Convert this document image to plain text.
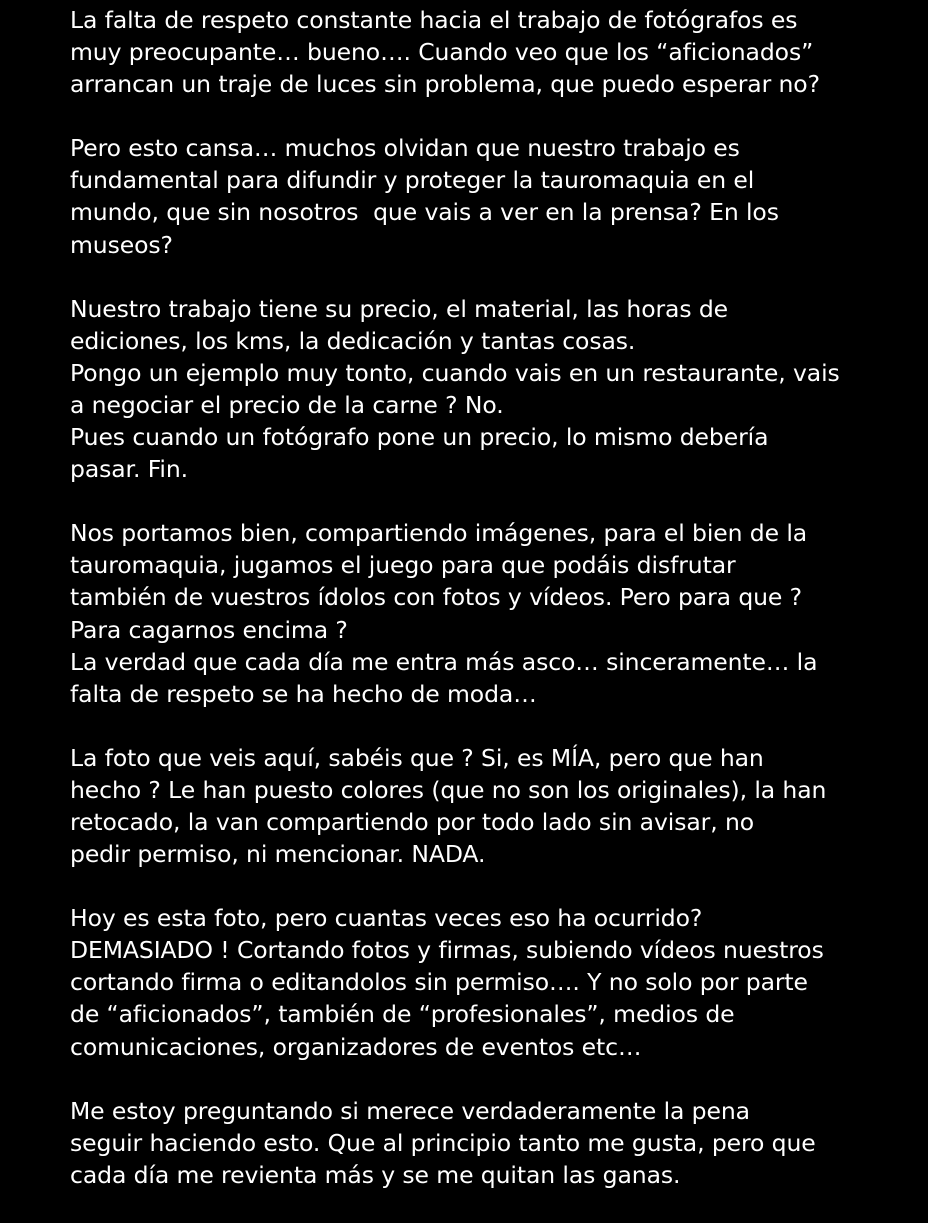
La falta de respeto constante hacia el trabajo de fotógrafos es
muy preocupante… bueno…. Cuando veo que los “aficionados”
arrancan un traje de luces sin problema, que puedo esperar no?
Pero esto cansa… muchos olvidan que nuestro trabajo es
fundamental para difundir y proteger la tauromaquia en el
mundo, que sin nosotros  que vais a ver en la prensa? En los
museos?
Nuestro trabajo tiene su precio, el material, las horas de
ediciones, los kms, la dedicación y tantas cosas.
Pongo un ejemplo muy tonto, cuando vais en un restaurante, vais
a negociar el precio de la carne ? No.
Pues cuando un fotógrafo pone un precio, lo mismo debería
pasar. Fin.
Nos portamos bien, compartiendo imágenes, para el bien de la
tauromaquia, jugamos el juego para que podáis disfrutar
también de vuestros ídolos con fotos y vídeos. Pero para que ?
Para cagarnos encima ?
La verdad que cada día me entra más asco… sinceramente… la
falta de respeto se ha hecho de moda…
La foto que veis aquí, sabéis que ? Si, es MÍA, pero que han
hecho ? Le han puesto colores (que no son los originales), la han
retocado, la van compartiendo por todo lado sin avisar, no
pedir permiso, ni mencionar. NADA.
Hoy es esta foto, pero cuantas veces eso ha ocurrido?
DEMASIADO ! Cortando fotos y firmas, subiendo vídeos nuestros
cortando firma o editandolos sin permiso…. Y no solo por parte
de “aficionados”, también de “profesionales”, medios de
comunicaciones, organizadores de eventos etc…
Me estoy preguntando si merece verdaderamente la pena
seguir haciendo esto. Que al principio tanto me gusta, pero que
cada día me revienta más y se me quitan las ganas.
